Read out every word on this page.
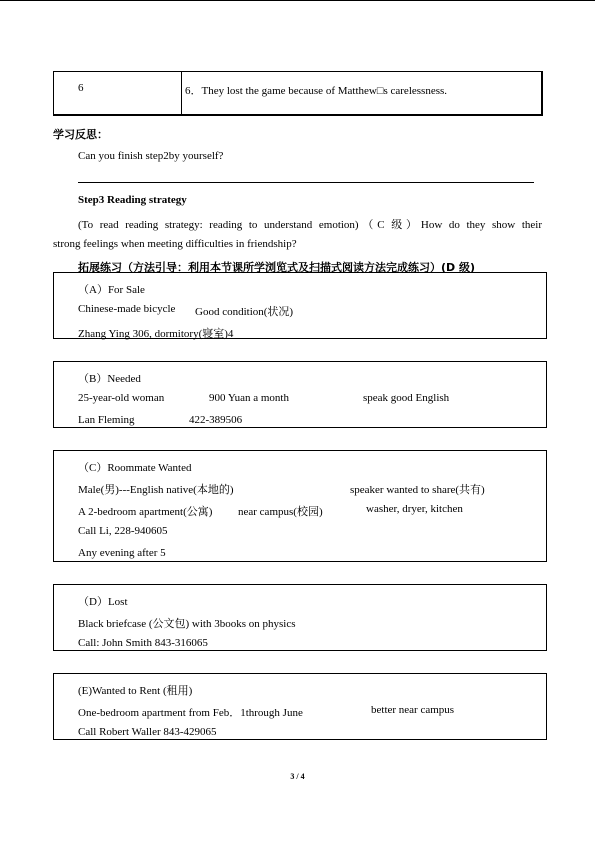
6	6．They lost the game because of Matthew□s carelessness.
学习反思：
Can you finish step2by yourself?
Step3 Reading strategy
(To read reading strategy: reading to understand emotion)（C 级）How do they show their
strong feelings when meeting difficulties in friendship?
拓展练习（方法引导：利用本节课所学浏览式及扫描式阅读方法完成练习）(D 级)
（A）For Sale
Chinese-made bicycle Good condition(状况)
Zhang Ying 306, dormitory(寝室)4
（B）Needed
25-year-old woman	900 Yuan a month	speak good English
Lan Fleming	422-389506
（C）Roommate Wanted
Male(男)---English native(本地的)	speaker wanted to share(共有)
A 2-bedroom apartment(公寓) near campus(校园)	washer, dryer, kitchen
Call Li, 228-940605
Any evening after 5
（D）Lost
Black briefcase (公文包) with 3books on physics
Call: John Smith 843-316065
(E)Wanted to Rent (租用)
One-bedroom apartment from Feb．1through June	better near campus
Call Robert Waller 843-429065
3 / 4
